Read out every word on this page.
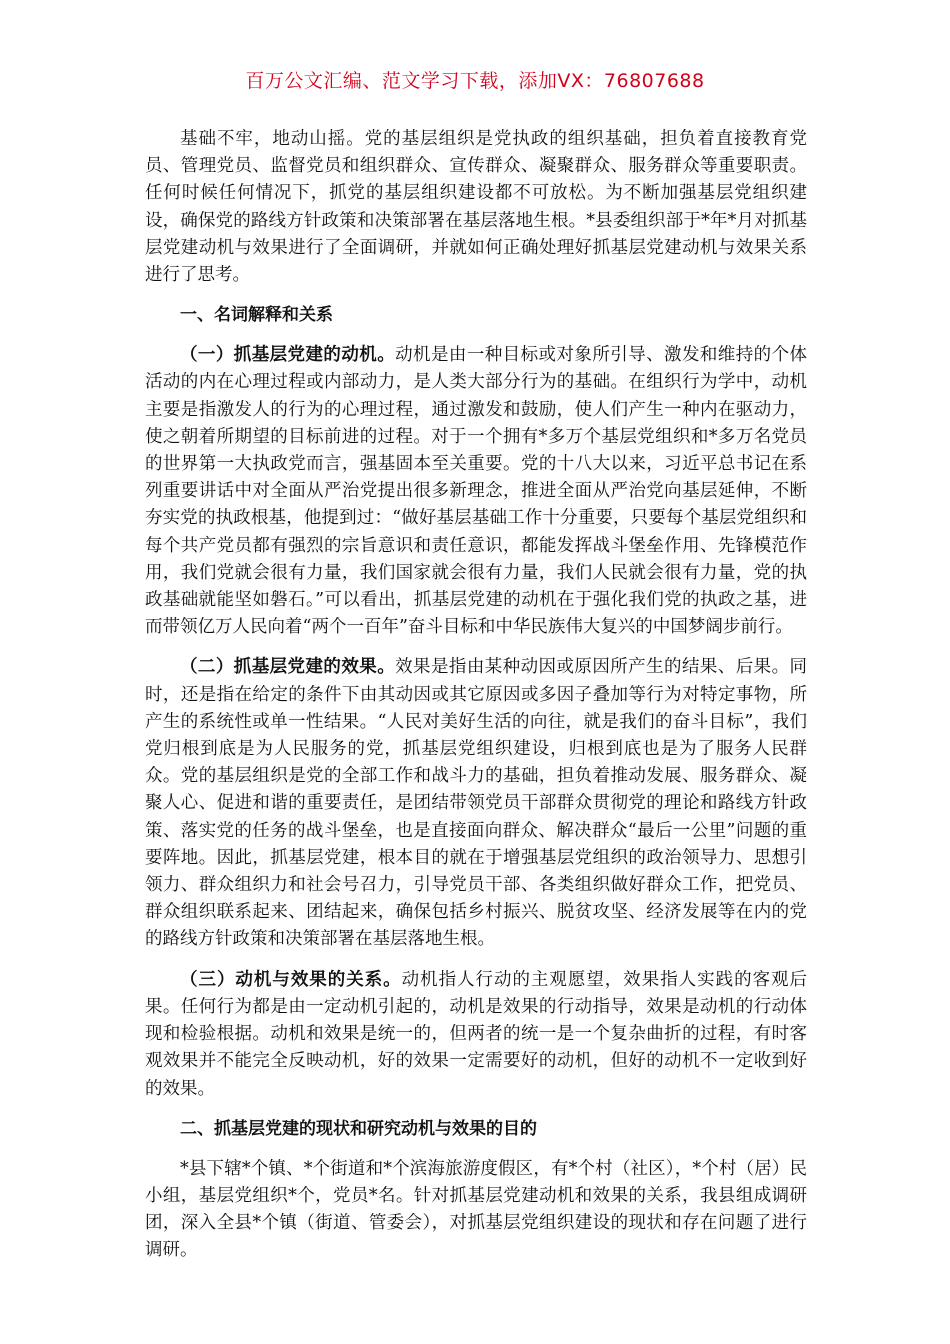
百万公文汇编、范文学习下载，添加VX：76807688

基础不牢，地动山摇。党的基层组织是党执政的组织基础，担负着直接教育党员、管理党员、监督党员和组织群众、宣传群众、凝聚群众、服务群众等重要职责。任何时候任何情况下，抓党的基层组织建设都不可放松。为不断加强基层党组织建设，确保党的路线方针政策和决策部署在基层落地生根。*县委组织部于*年*月对抓基层党建动机与效果进行了全面调研，并就如何正确处理好抓基层党建动机与效果关系进行了思考。

一、名词解释和关系

（一）抓基层党建的动机。动机是由一种目标或对象所引导、激发和维持的个体活动的内在心理过程或内部动力，是人类大部分行为的基础。在组织行为学中，动机主要是指激发人的行为的心理过程，通过激发和鼓励，使人们产生一种内在驱动力，使之朝着所期望的目标前进的过程。对于一个拥有*多万个基层党组织和*多万名党员的世界第一大执政党而言，强基固本至关重要。党的十八大以来，习近平总书记在系列重要讲话中对全面从严治党提出很多新理念，推进全面从严治党向基层延伸，不断夯实党的执政根基，他提到过：“做好基层基础工作十分重要，只要每个基层党组织和每个共产党员都有强烈的宗旨意识和责任意识，都能发挥战斗堡垒作用、先锋模范作用，我们党就会很有力量，我们国家就会很有力量，我们人民就会很有力量，党的执政基础就能坚如磐石。”可以看出，抓基层党建的动机在于强化我们党的执政之基，进而带领亿万人民向着“两个一百年”奋斗目标和中华民族伟大复兴的中国梦阔步前行。

（二）抓基层党建的效果。效果是指由某种动因或原因所产生的结果、后果。同时，还是指在给定的条件下由其动因或其它原因或多因子叠加等行为对特定事物，所产生的系统性或单一性结果。“人民对美好生活的向往，就是我们的奋斗目标”，我们党归根到底是为人民服务的党，抓基层党组织建设，归根到底也是为了服务人民群众。党的基层组织是党的全部工作和战斗力的基础，担负着推动发展、服务群众、凝聚人心、促进和谐的重要责任，是团结带领党员干部群众贯彻党的理论和路线方针政策、落实党的任务的战斗堡垒，也是直接面向群众、解决群众“最后一公里”问题的重要阵地。因此，抓基层党建，根本目的就在于增强基层党组织的政治领导力、思想引领力、群众组织力和社会号召力，引导党员干部、各类组织做好群众工作，把党员、群众组织联系起来、团结起来，确保包括乡村振兴、脱贫攻坚、经济发展等在内的党的路线方针政策和决策部署在基层落地生根。

（三）动机与效果的关系。动机指人行动的主观愿望，效果指人实践的客观后果。任何行为都是由一定动机引起的，动机是效果的行动指导，效果是动机的行动体现和检验根据。动机和效果是统一的，但两者的统一是一个复杂曲折的过程，有时客观效果并不能完全反映动机，好的效果一定需要好的动机，但好的动机不一定收到好的效果。

二、抓基层党建的现状和研究动机与效果的目的

*县下辖*个镇、*个街道和*个滨海旅游度假区，有*个村（社区），*个村（居）民小组，基层党组织*个，党员*名。针对抓基层党建动机和效果的关系，我县组成调研团，深入全县*个镇（街道、管委会），对抓基层党组织建设的现状和存在问题了进行调研。
